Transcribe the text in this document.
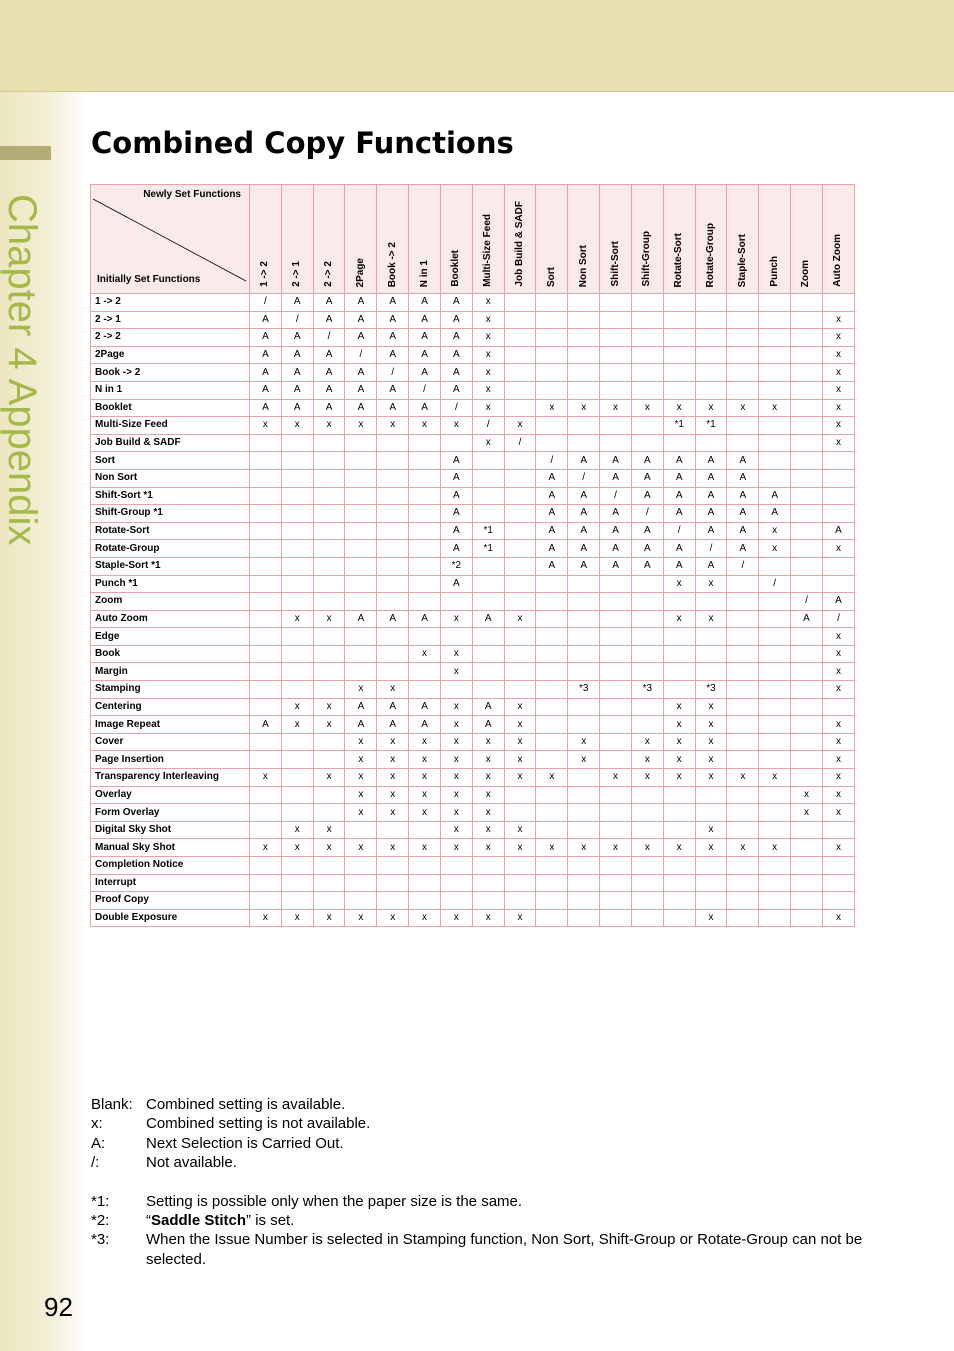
Chapter 4 Appendix
Combined Copy Functions
Newly Set Functions
Initially Set Functions	1 -> 2	2 -> 1	2 -> 2	2Page	Book -> 2	N in 1	Booklet	Multi-Size Feed	Job Build & SADF	Sort	Non Sort	Shift-Sort	Shift-Group	Rotate-Sort	Rotate-Group	Staple-Sort	Punch	Zoom	Auto Zoom
1 -> 2	/	A	A	A	A	A	A	x											
2 -> 1	A	/	A	A	A	A	A	x											x
2 -> 2	A	A	/	A	A	A	A	x											x
2Page	A	A	A	/	A	A	A	x											x
Book -> 2	A	A	A	A	/	A	A	x											x
N in 1	A	A	A	A	A	/	A	x											x
Booklet	A	A	A	A	A	A	/	x		x	x	x	x	x	x	x	x		x
Multi-Size Feed	x	x	x	x	x	x	x	/	x					*1	*1				x
Job Build & SADF								x	/										x
Sort							A			/	A	A	A	A	A	A			
Non Sort							A			A	/	A	A	A	A	A			
Shift-Sort *1							A			A	A	/	A	A	A	A	A		
Shift-Group *1							A			A	A	A	/	A	A	A	A		
Rotate-Sort							A	*1		A	A	A	A	/	A	A	x		A
Rotate-Group							A	*1		A	A	A	A	A	/	A	x		x
Staple-Sort *1							*2			A	A	A	A	A	A	/			
Punch *1							A							x	x		/		
Zoom																		/	A
Auto Zoom		x	x	A	A	A	x	A	x					x	x			A	/
Edge																			x
Book						x	x												x
Margin							x												x
Stamping				x	x						*3		*3		*3				x
Centering		x	x	A	A	A	x	A	x					x	x				
Image Repeat	A	x	x	A	A	A	x	A	x					x	x				x
Cover				x	x	x	x	x	x		x		x	x	x				x
Page Insertion				x	x	x	x	x	x		x		x	x	x				x
Transparency Interleaving	x		x	x	x	x	x	x	x	x		x	x	x	x	x	x		x
Overlay				x	x	x	x	x										x	x
Form Overlay				x	x	x	x	x										x	x
Digital Sky Shot		x	x				x	x	x						x				
Manual Sky Shot	x	x	x	x	x	x	x	x	x	x	x	x	x	x	x	x	x		x
Completion Notice																			
Interrupt																			
Proof Copy																			
Double Exposure	x	x	x	x	x	x	x	x	x						x				x
Blank: Combined setting is available.
x:	Combined setting is not available.
A:	Next Selection is Carried Out.
/:	Not available.
*1: Setting is possible only when the paper size is the same.
*2: “Saddle Stitch” is set.
*3: When the Issue Number is selected in Stamping function, Non Sort, Shift-Group or Rotate-Group can not be selected.
92
